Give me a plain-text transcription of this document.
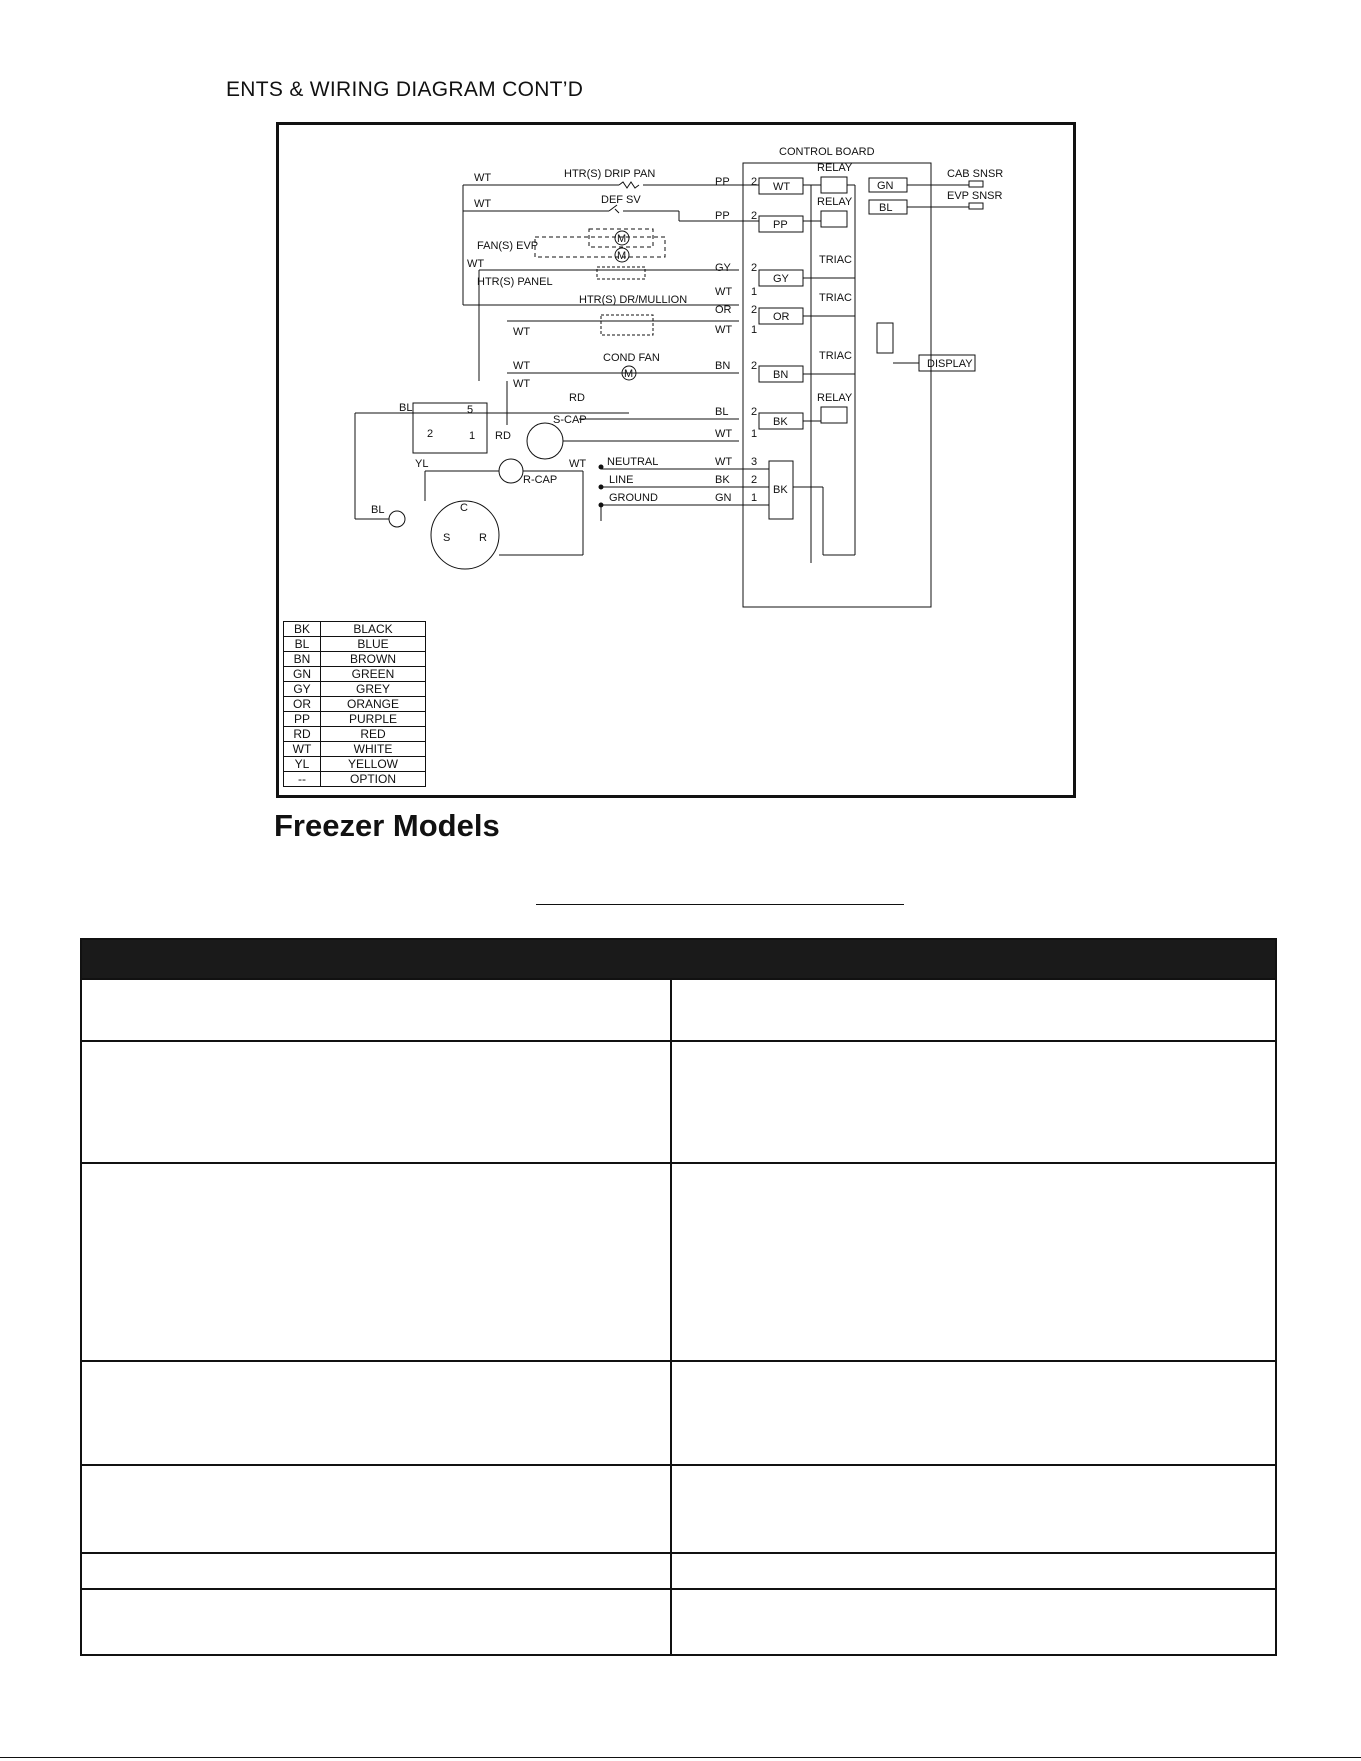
ENTS & WIRING DIAGRAM CONT’D
CONTROL BOARD
WT	HTR(S) DRIP PAN
PP 2 WT
WT	DEF SV
PP 2
PP
RELAY
RELAY
GN
BL
CAB SNSR
EVP SNSR
M
M
FAN(S) EVP
HTR(S) PANEL
WT	GY 2
WT 1
GY
TRIAC
HTR(S) DR/MULLION
WT
OR 2
WT 1
OR
TRIAC
DISPLAY
M
COND FAN
WT
WT
BN 2
BN
TRIAC
BL	5
2	1 RD
RD
S-CAP
BL 2
WT 1
BK
RELAY
YL
R-CAP
WT
C
S	R
BL
NEUTRAL
LINE
GROUND
WT 3
BK 2
GN 1
BK
BK	BLACK
BL	BLUE
BN	BROWN
GN	GREEN
GY	GREY
OR	ORANGE
PP	PURPLE
RD	RED
WT	WHITE
YL	YELLOW
--	OPTION
Freezer Models
